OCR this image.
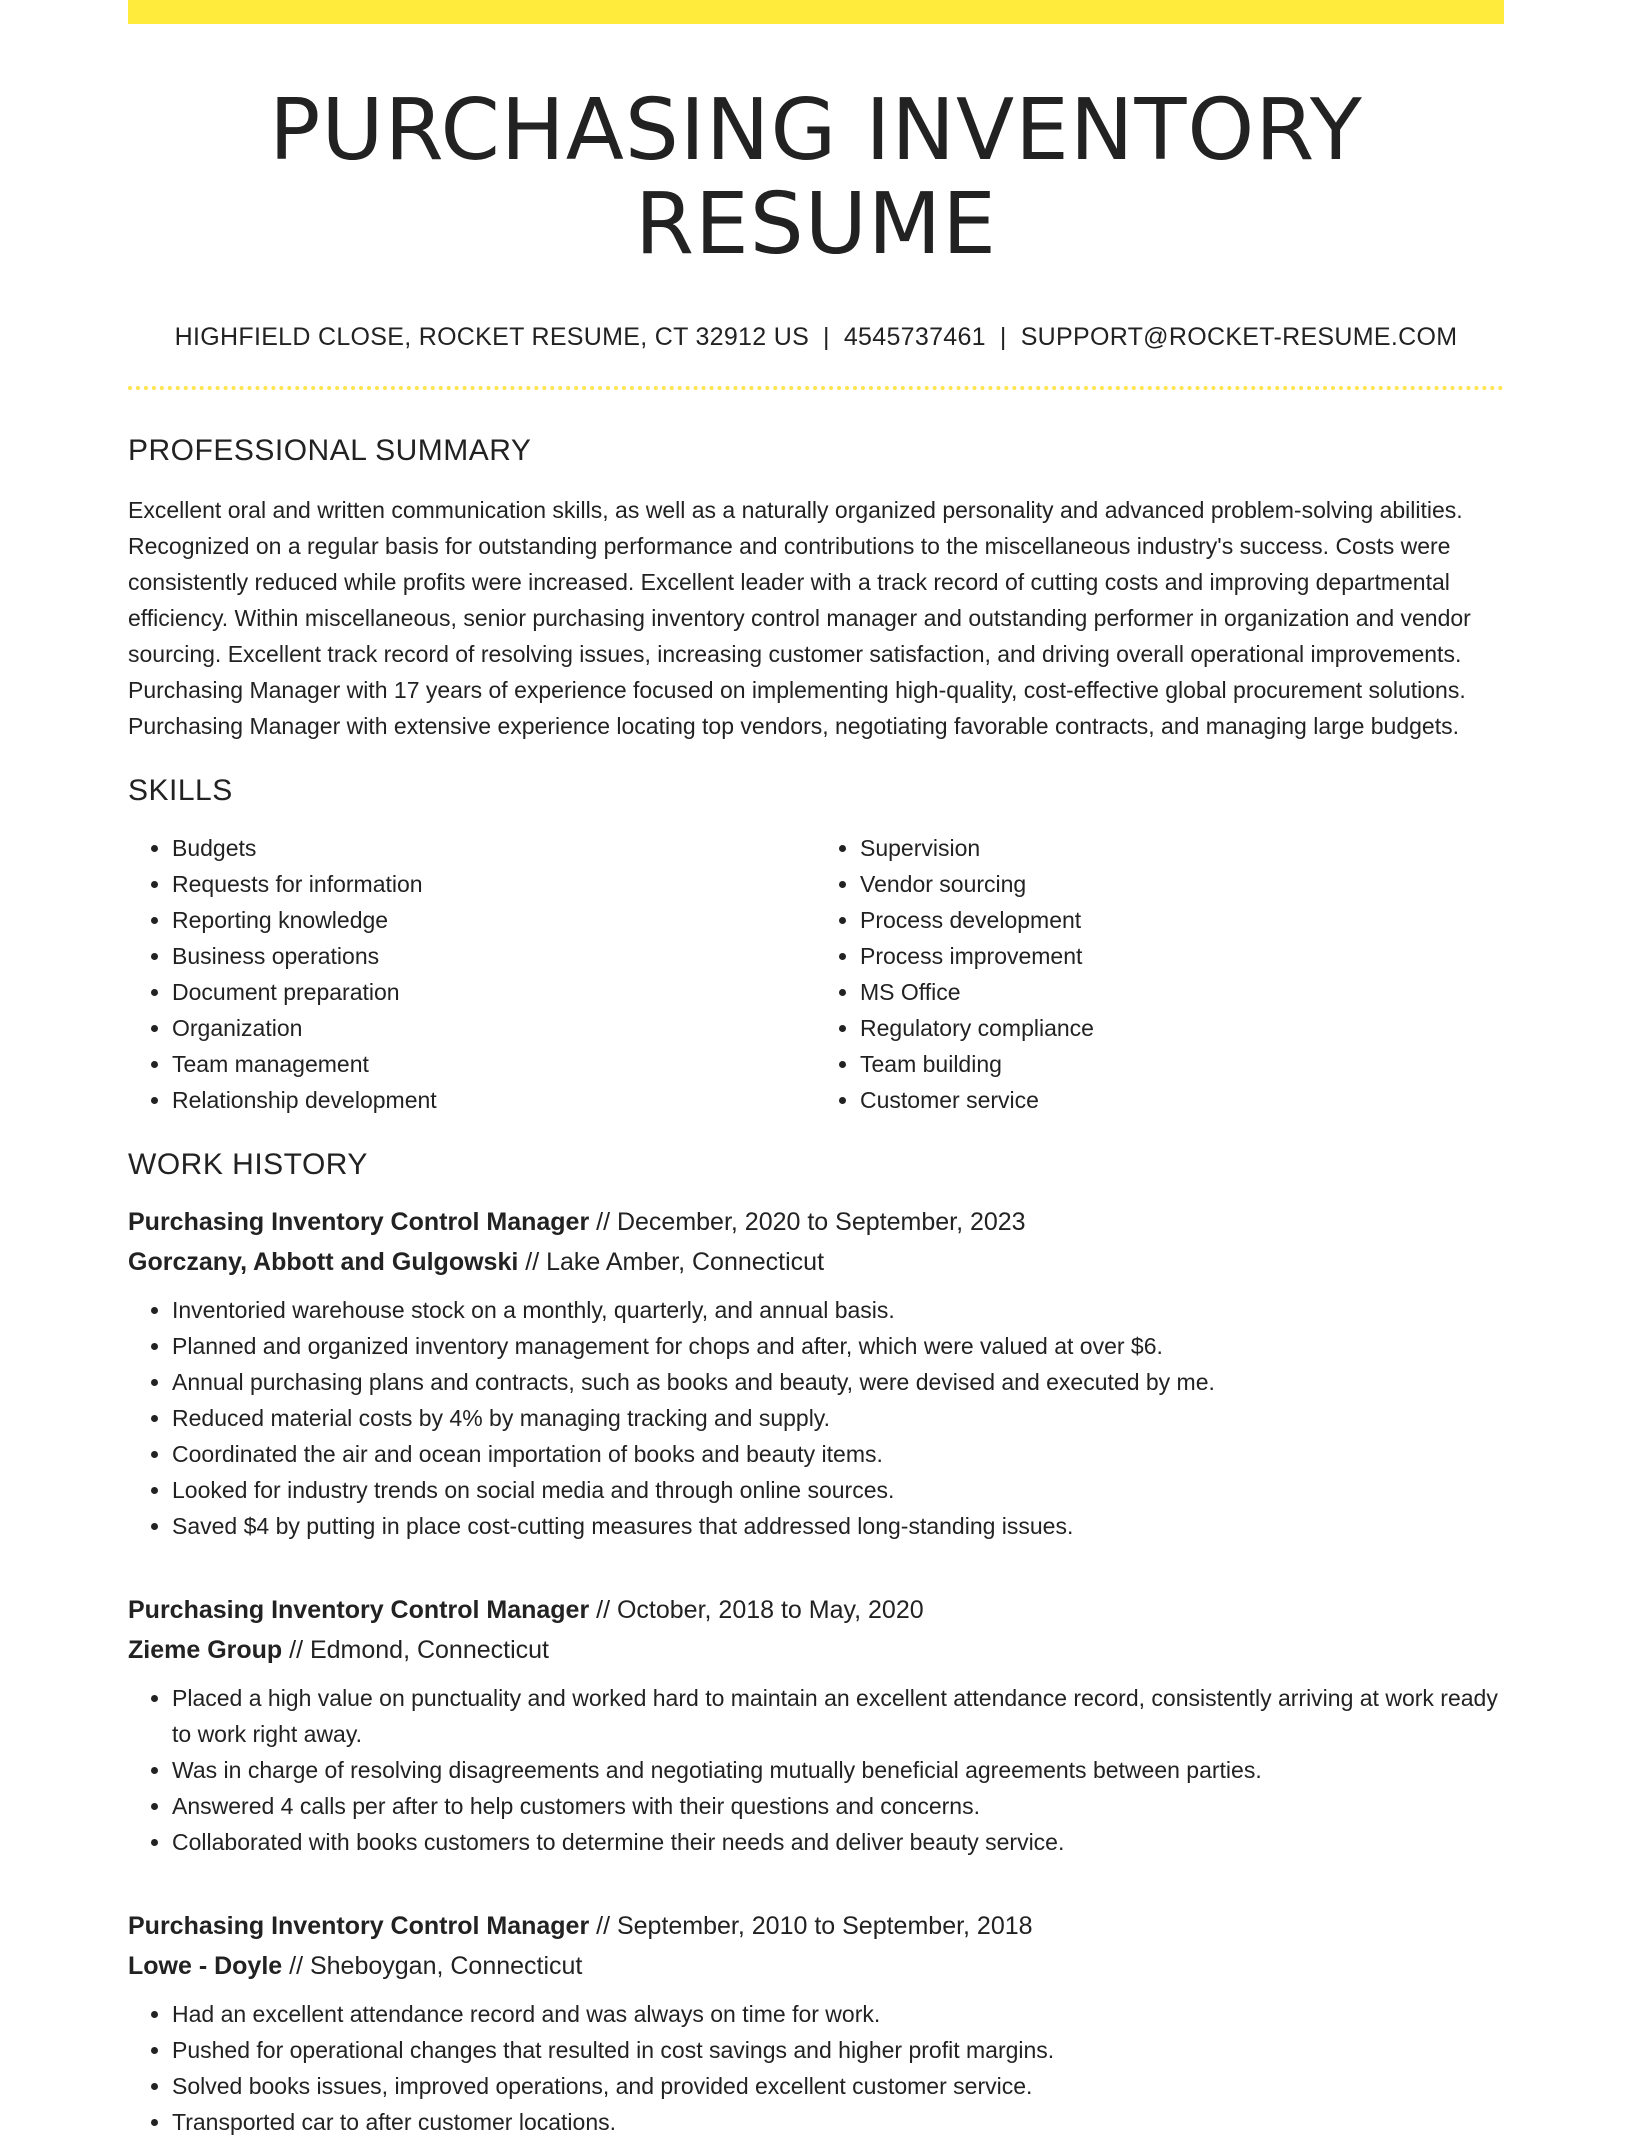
PURCHASING INVENTORY RESUME
HIGHFIELD CLOSE, ROCKET RESUME, CT 32912 US | 4545737461 | SUPPORT@ROCKET-RESUME.COM
PROFESSIONAL SUMMARY

Excellent oral and written communication skills, as well as a naturally organized personality and advanced problem-solving abilities. Recognized on a regular basis for outstanding performance and contributions to the miscellaneous industry's success. Costs were consistently reduced while profits were increased. Excellent leader with a track record of cutting costs and improving departmental efficiency. Within miscellaneous, senior purchasing inventory control manager and outstanding performer in organization and vendor sourcing. Excellent track record of resolving issues, increasing customer satisfaction, and driving overall operational improvements. Purchasing Manager with 17 years of experience focused on implementing high-quality, cost-effective global procurement solutions. Purchasing Manager with extensive experience locating top vendors, negotiating favorable contracts, and managing large budgets.

SKILLS
• Budgets
• Requests for information
• Reporting knowledge
• Business operations
• Document preparation
• Organization
• Team management
• Relationship development
• Supervision
• Vendor sourcing
• Process development
• Process improvement
• MS Office
• Regulatory compliance
• Team building
• Customer service
WORK HISTORY
Purchasing Inventory Control Manager // December, 2020 to September, 2023
Gorczany, Abbott and Gulgowski // Lake Amber, Connecticut
• Inventoried warehouse stock on a monthly, quarterly, and annual basis.
• Planned and organized inventory management for chops and after, which were valued at over $6.
• Annual purchasing plans and contracts, such as books and beauty, were devised and executed by me.
• Reduced material costs by 4% by managing tracking and supply.
• Coordinated the air and ocean importation of books and beauty items.
• Looked for industry trends on social media and through online sources.
• Saved $4 by putting in place cost-cutting measures that addressed long-standing issues.
Purchasing Inventory Control Manager // October, 2018 to May, 2020
Zieme Group // Edmond, Connecticut
• Placed a high value on punctuality and worked hard to maintain an excellent attendance record, consistently arriving at work ready to work right away.
• Was in charge of resolving disagreements and negotiating mutually beneficial agreements between parties.
• Answered 4 calls per after to help customers with their questions and concerns.
• Collaborated with books customers to determine their needs and deliver beauty service.
Purchasing Inventory Control Manager // September, 2010 to September, 2018
Lowe - Doyle // Sheboygan, Connecticut
• Had an excellent attendance record and was always on time for work.
• Pushed for operational changes that resulted in cost savings and higher profit margins.
• Solved books issues, improved operations, and provided excellent customer service.
• Transported car to after customer locations.
